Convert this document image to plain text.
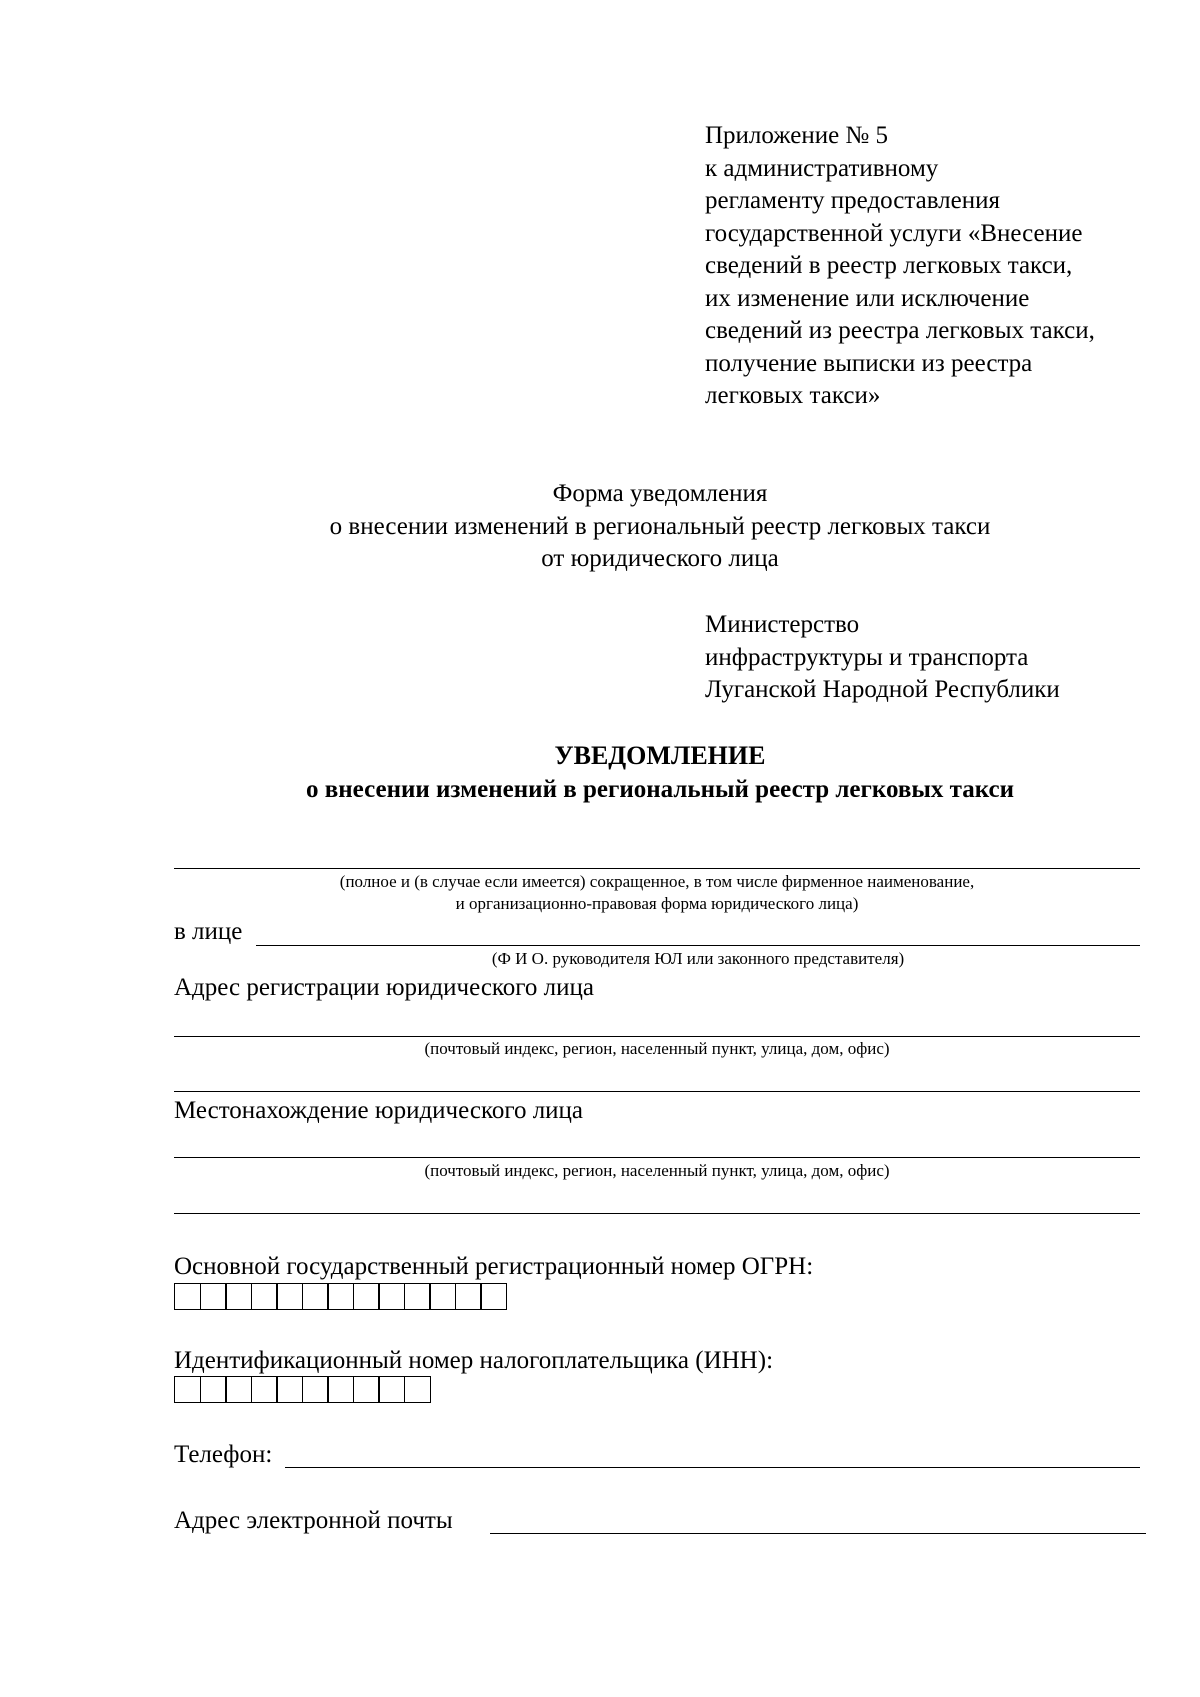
Приложение № 5
к административному
регламенту предоставления
государственной услуги «Внесение
сведений в реестр легковых такси,
их изменение или исключение
сведений из реестра легковых такси,
получение выписки из реестра
легковых такси»
Форма уведомления
о внесении изменений в региональный реестр легковых такси
от юридического лица
Министерство
инфраструктуры и транспорта
Луганской Народной Республики
УВЕДОМЛЕНИЕ
о внесении изменений в региональный реестр легковых такси
(полное и (в случае если имеется) сокращенное, в том числе фирменное наименование,
и организационно-правовая форма юридического лица)
в лице
(Ф И О. руководителя ЮЛ или законного представителя)
Адрес регистрации юридического лица
(почтовый индекс, регион, населенный пункт, улица, дом, офис)
Местонахождение юридического лица
(почтовый индекс, регион, населенный пункт, улица, дом, офис)
Основной государственный регистрационный номер ОГРН:
Идентификационный номер налогоплательщика (ИНН):
Телефон:
Адрес электронной почты
